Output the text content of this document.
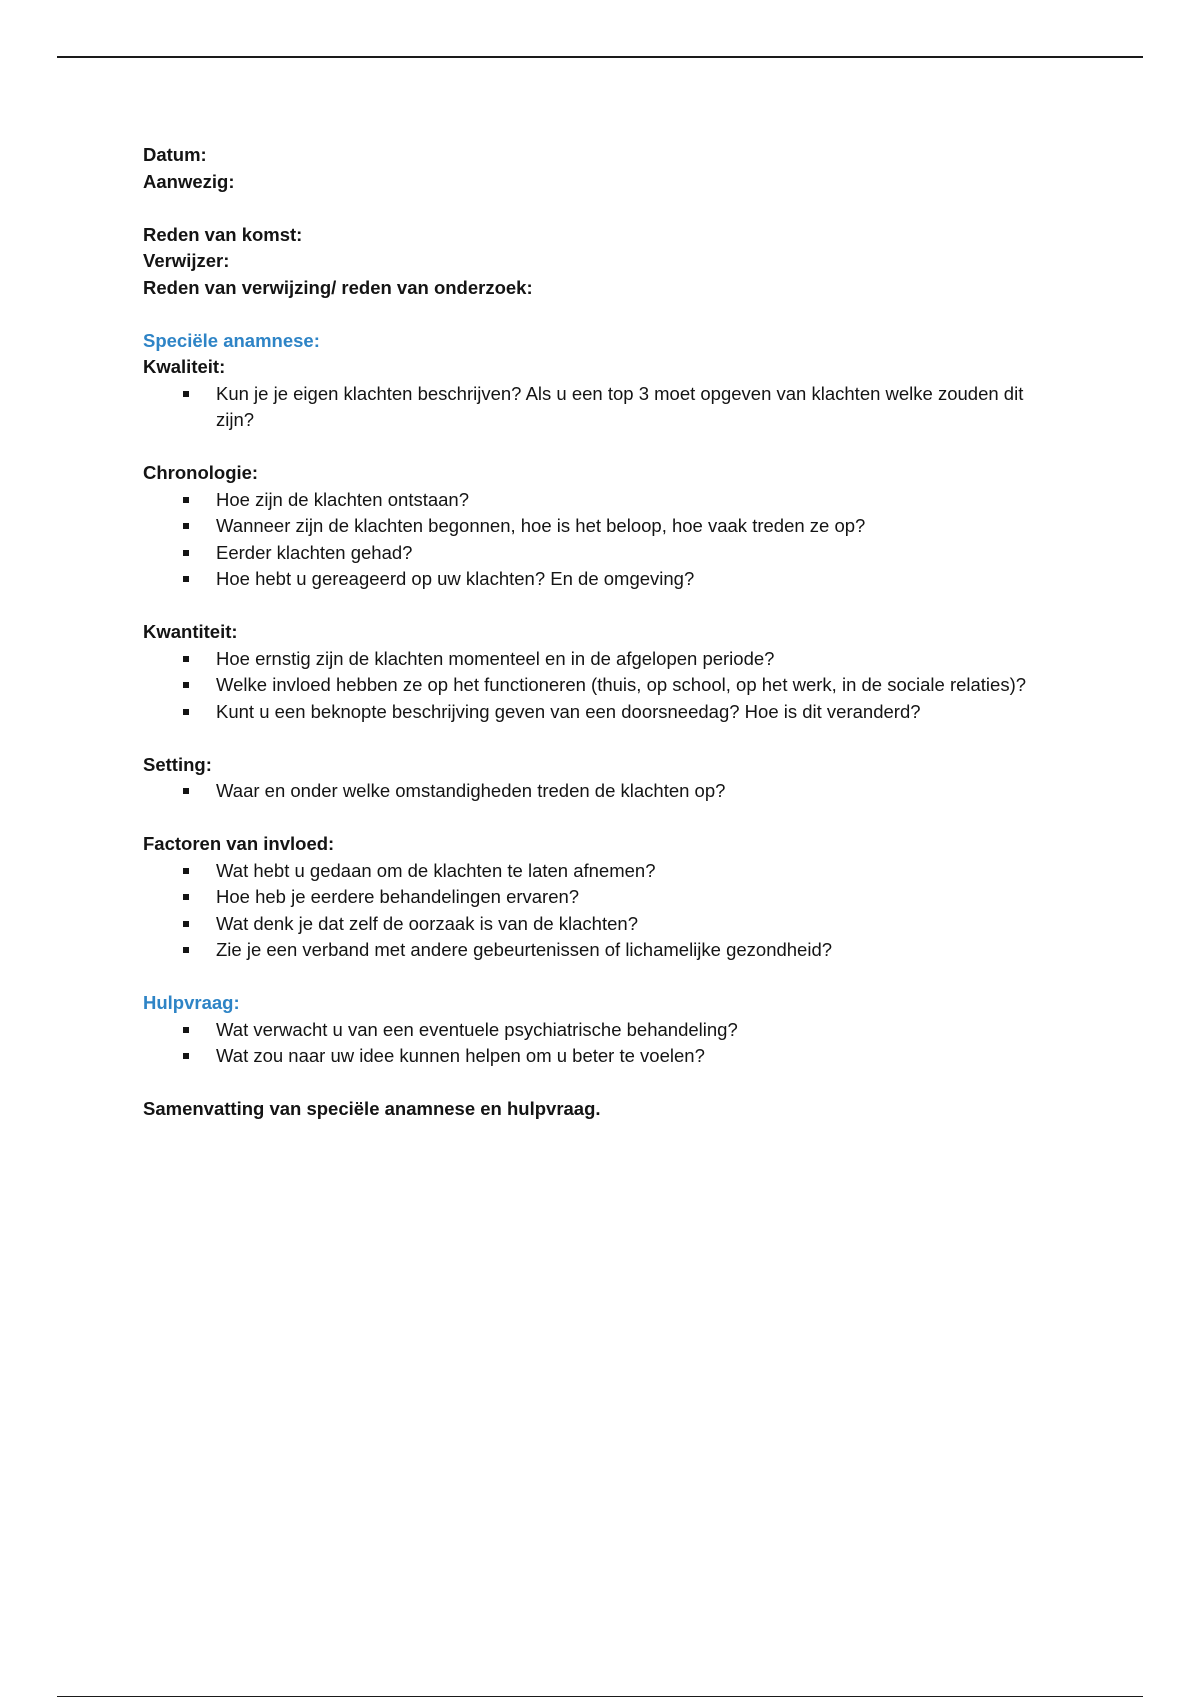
Datum:

Aanwezig:

Reden van komst:

Verwijzer:

Reden van verwijzing/ reden van onderzoek:

Speciële anamnese:

Kwaliteit:

Kun je je eigen klachten beschrijven? Als u een top 3 moet opgeven van klachten welke zouden dit zijn?

Chronologie:

Hoe zijn de klachten ontstaan?
Wanneer zijn de klachten begonnen, hoe is het beloop, hoe vaak treden ze op?
Eerder klachten gehad?
Hoe hebt u gereageerd op uw klachten? En de omgeving?

Kwantiteit:

Hoe ernstig zijn de klachten momenteel en in de afgelopen periode?
Welke invloed hebben ze op het functioneren (thuis, op school, op het werk, in de sociale relaties)?
Kunt u een beknopte beschrijving geven van een doorsneedag? Hoe is dit veranderd?

Setting:

Waar en onder welke omstandigheden treden de klachten op?

Factoren van invloed:

Wat hebt u gedaan om de klachten te laten afnemen?
Hoe heb je eerdere behandelingen ervaren?
Wat denk je dat zelf de oorzaak is van de klachten?
Zie je een verband met andere gebeurtenissen of lichamelijke gezondheid?

Hulpvraag:

Wat verwacht u van een eventuele psychiatrische behandeling?
Wat zou naar uw idee kunnen helpen om u beter te voelen?

Samenvatting van speciële anamnese en hulpvraag.
